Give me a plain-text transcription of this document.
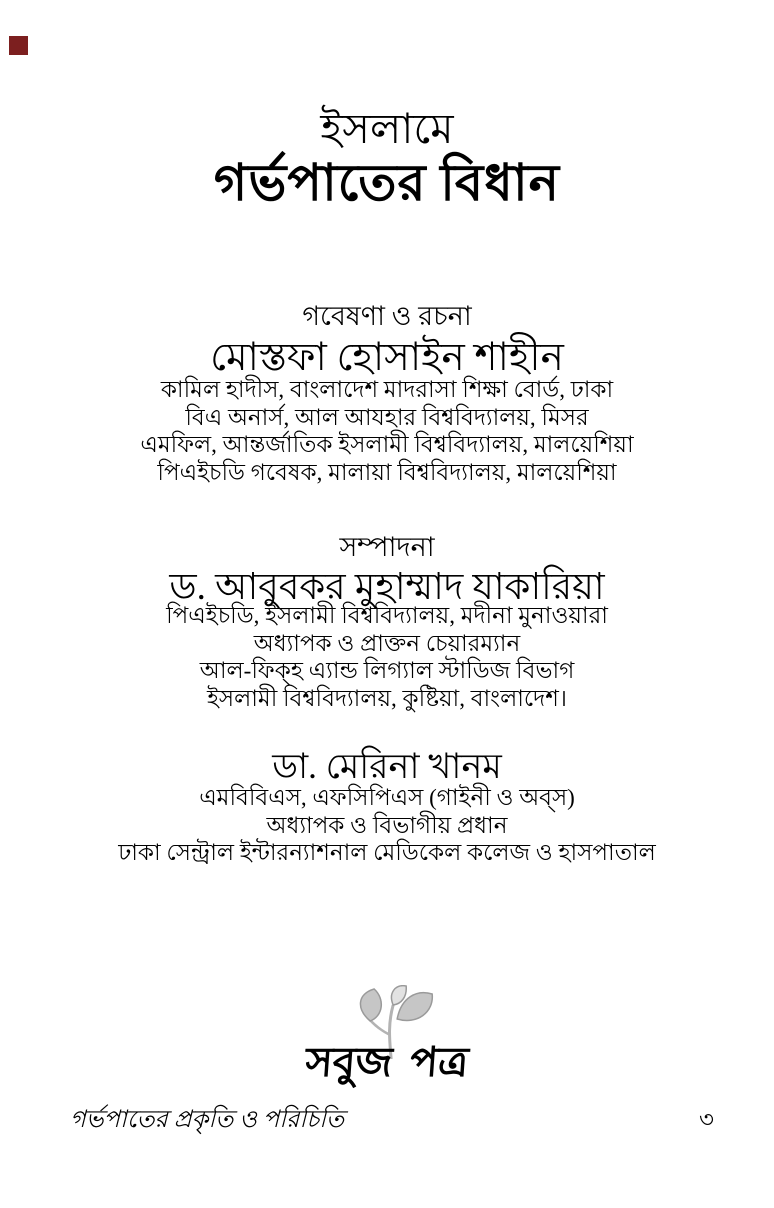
ইসলামে
গর্ভপাতের বিধান
গবেষণা ও রচনা
মোস্তফা হোসাইন শাহীন
কামিল হাদীস, বাংলাদেশ মাদরাসা শিক্ষা বোর্ড, ঢাকা
বিএ অনার্স, আল আযহার বিশ্ববিদ্যালয়, মিসর
এমফিল, আন্তর্জাতিক ইসলামী বিশ্ববিদ্যালয়, মালয়েশিয়া
পিএইচডি গবেষক, মালায়া বিশ্ববিদ্যালয়, মালয়েশিয়া
সম্পাদনা
ড. আবুবকর মুহাম্মাদ যাকারিয়া
পিএইচডি, ইসলামী বিশ্ববিদ্যালয়, মদীনা মুনাওয়ারা
অধ্যাপক ও প্রাক্তন চেয়ারম্যান
আল-ফিক্‌হ এ্যান্ড লিগ্যাল স্টাডিজ বিভাগ
ইসলামী বিশ্ববিদ্যালয়, কুষ্টিয়া, বাংলাদেশ।
ডা. মেরিনা খানম
এমবিবিএস, এফসিপিএস (গাইনী ও অব্‌স)
অধ্যাপক ও বিভাগীয় প্রধান
ঢাকা সেন্ট্রাল ইন্টারন্যাশনাল মেডিকেল কলেজ ও হাসপাতাল
সবুজ পত্র
গর্ভপাতের প্রকৃতি ও পরিচিতি	৩
